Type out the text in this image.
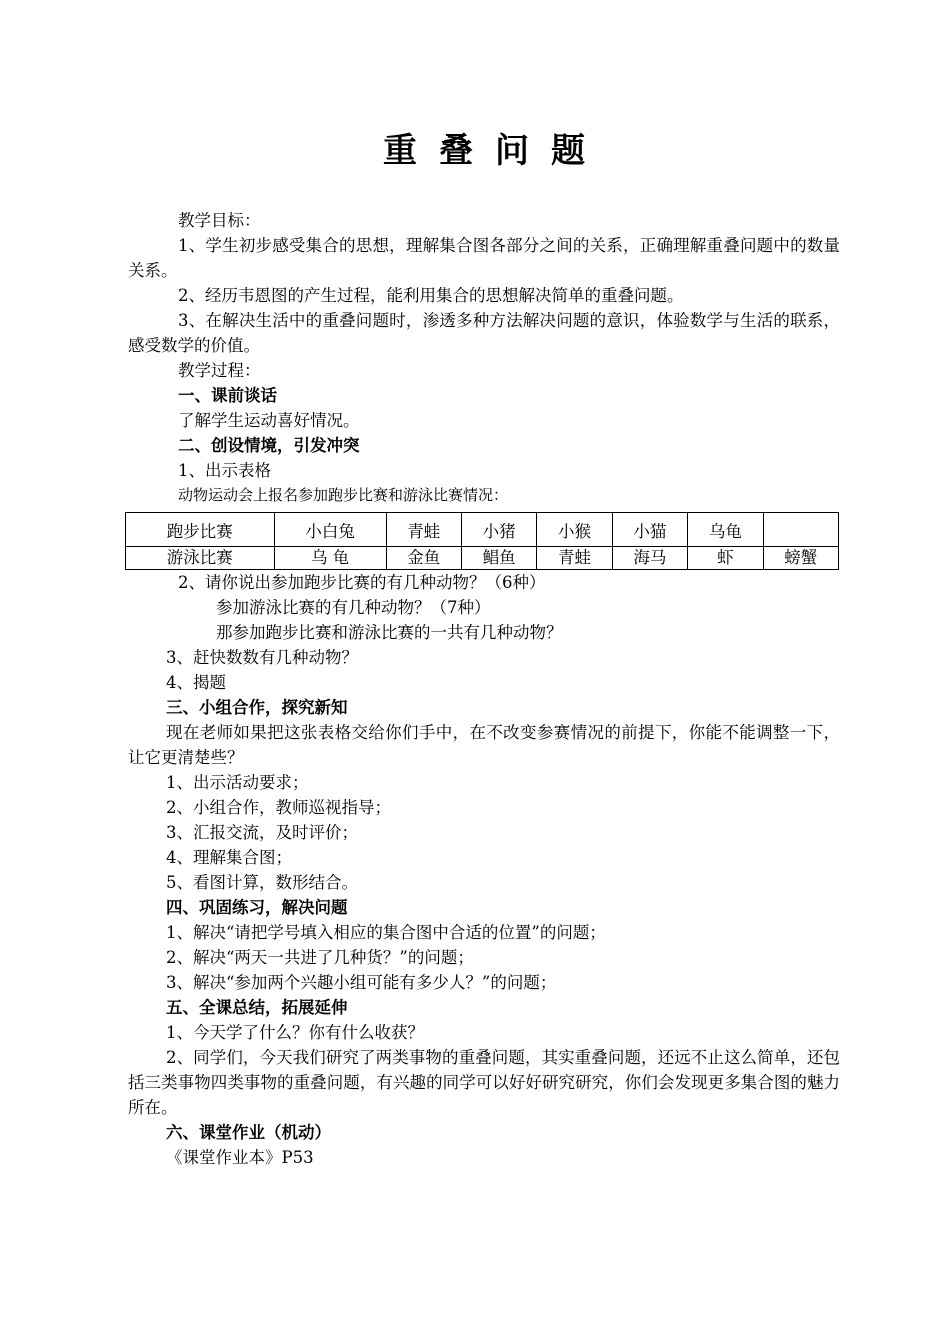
重叠问题

教学目标：

1、学生初步感受集合的思想，理解集合图各部分之间的关系，正确理解重叠问题中的数量关系。

2、经历韦恩图的产生过程，能利用集合的思想解决简单的重叠问题。

3、在解决生活中的重叠问题时，渗透多种方法解决问题的意识，体验数学与生活的联系，感受数学的价值。

教学过程：

一、课前谈话

了解学生运动喜好情况。

二、创设情境，引发冲突

1、出示表格

动物运动会上报名参加跑步比赛和游泳比赛情况：

跑步比赛	小白兔	青蛙	小猪	小猴	小猫	乌龟	
游泳比赛	乌 龟	金鱼	鲳鱼	青蛙	海马	虾	螃蟹

2、请你说出参加跑步比赛的有几种动物？（6种）

参加游泳比赛的有几种动物？（7种）

那参加跑步比赛和游泳比赛的一共有几种动物？

3、赶快数数有几种动物？

4、揭题

三、小组合作，探究新知

现在老师如果把这张表格交给你们手中，在不改变参赛情况的前提下，你能不能调整一下，让它更清楚些？

1、出示活动要求；

2、小组合作，教师巡视指导；

3、汇报交流，及时评价；

4、理解集合图；

5、看图计算，数形结合。

四、巩固练习，解决问题

1、解决“请把学号填入相应的集合图中合适的位置”的问题；

2、解决“两天一共进了几种货？”的问题；

3、解决“参加两个兴趣小组可能有多少人？”的问题；

五、全课总结，拓展延伸

1、今天学了什么？你有什么收获？

2、同学们，今天我们研究了两类事物的重叠问题，其实重叠问题，还远不止这么简单，还包括三类事物四类事物的重叠问题，有兴趣的同学可以好好研究研究，你们会发现更多集合图的魅力所在。

六、课堂作业（机动）

《课堂作业本》P53
